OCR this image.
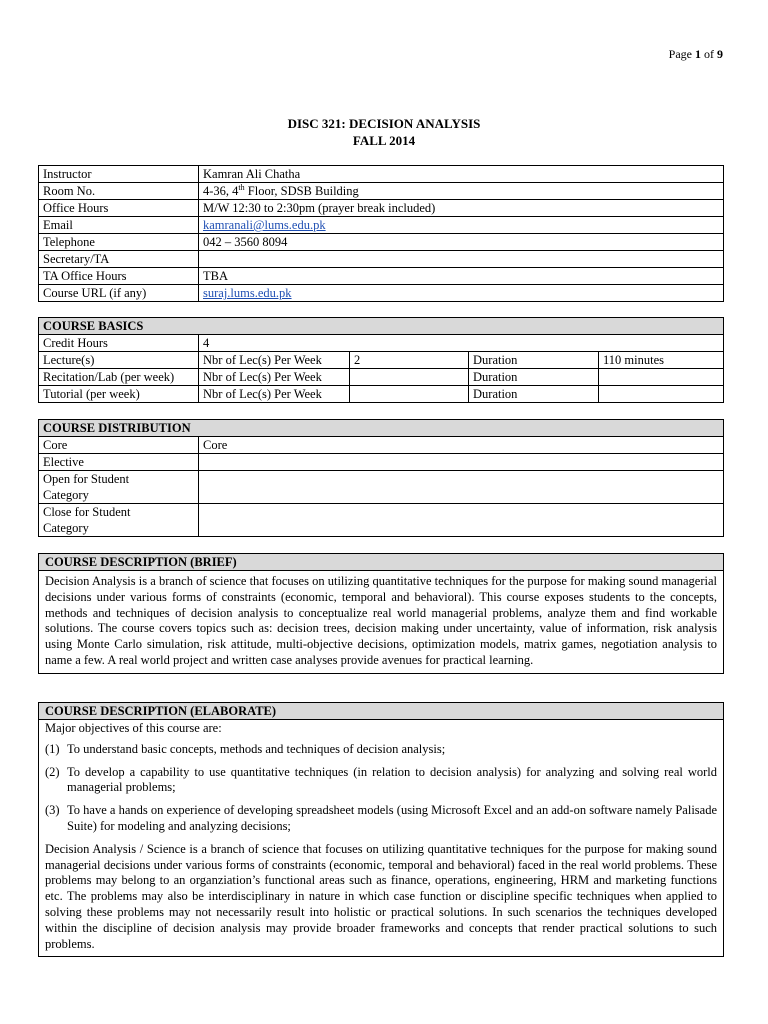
Page 1 of 9
DISC 321: DECISION ANALYSIS
FALL 2014
Instructor	Kamran Ali Chatha
Room No.	4-36, 4th Floor, SDSB Building
Office Hours	M/W 12:30 to 2:30pm (prayer break included)
Email	kamranali@lums.edu.pk
Telephone	042 – 3560 8094
Secretary/TA	
TA Office Hours	TBA
Course URL (if any)	suraj.lums.edu.pk
COURSE BASICS				
Credit Hours	4			
Lecture(s)	Nbr of Lec(s) Per Week	2	Duration	110 minutes
Recitation/Lab (per week)	Nbr of Lec(s) Per Week		Duration	
Tutorial (per week)	Nbr of Lec(s) Per Week		Duration	
COURSE DISTRIBUTION	
Core	Core
Elective	

Open for Student
Category	

Close for Student
Category	

COURSE DESCRIPTION (BRIEF)
Decision Analysis is a branch of science that focuses on utilizing quantitative techniques for the purpose for making sound managerial decisions under various forms of constraints (economic, temporal and behavioral). This course exposes students to the concepts, methods and techniques of decision analysis to conceptualize real world managerial problems, analyze them and find workable solutions. The course covers topics such as: decision trees, decision making under uncertainty, value of information, risk analysis using Monte Carlo simulation, risk attitude, multi-objective decisions, optimization models, matrix games, negotiation analysis to name a few. A real world project and written case analyses provide avenues for practical learning.
COURSE DESCRIPTION (ELABORATE)

Major objectives of this course are:

(1) To understand basic concepts, methods and techniques of decision analysis;
(2) To develop a capability to use quantitative techniques (in relation to decision analysis) for analyzing and solving real world managerial problems;
(3) To have a hands on experience of developing spreadsheet models (using Microsoft Excel and an add-on software namely Palisade Suite) for modeling and analyzing decisions;

Decision Analysis / Science is a branch of science that focuses on utilizing quantitative techniques for the purpose for making sound managerial decisions under various forms of constraints (economic, temporal and behavioral) faced in the real world problems. These problems may belong to an organziation’s functional areas such as finance, operations, engineering, HRM and marketing functions etc. The problems may also be interdisciplinary in nature in which case function or discipline specific techniques when applied to solving these problems may not necessarily result into holistic or practical solutions. In such scenarios the techniques developed within the discipline of decision analysis may provide broader frameworks and concepts that render practical solutions to such problems.
